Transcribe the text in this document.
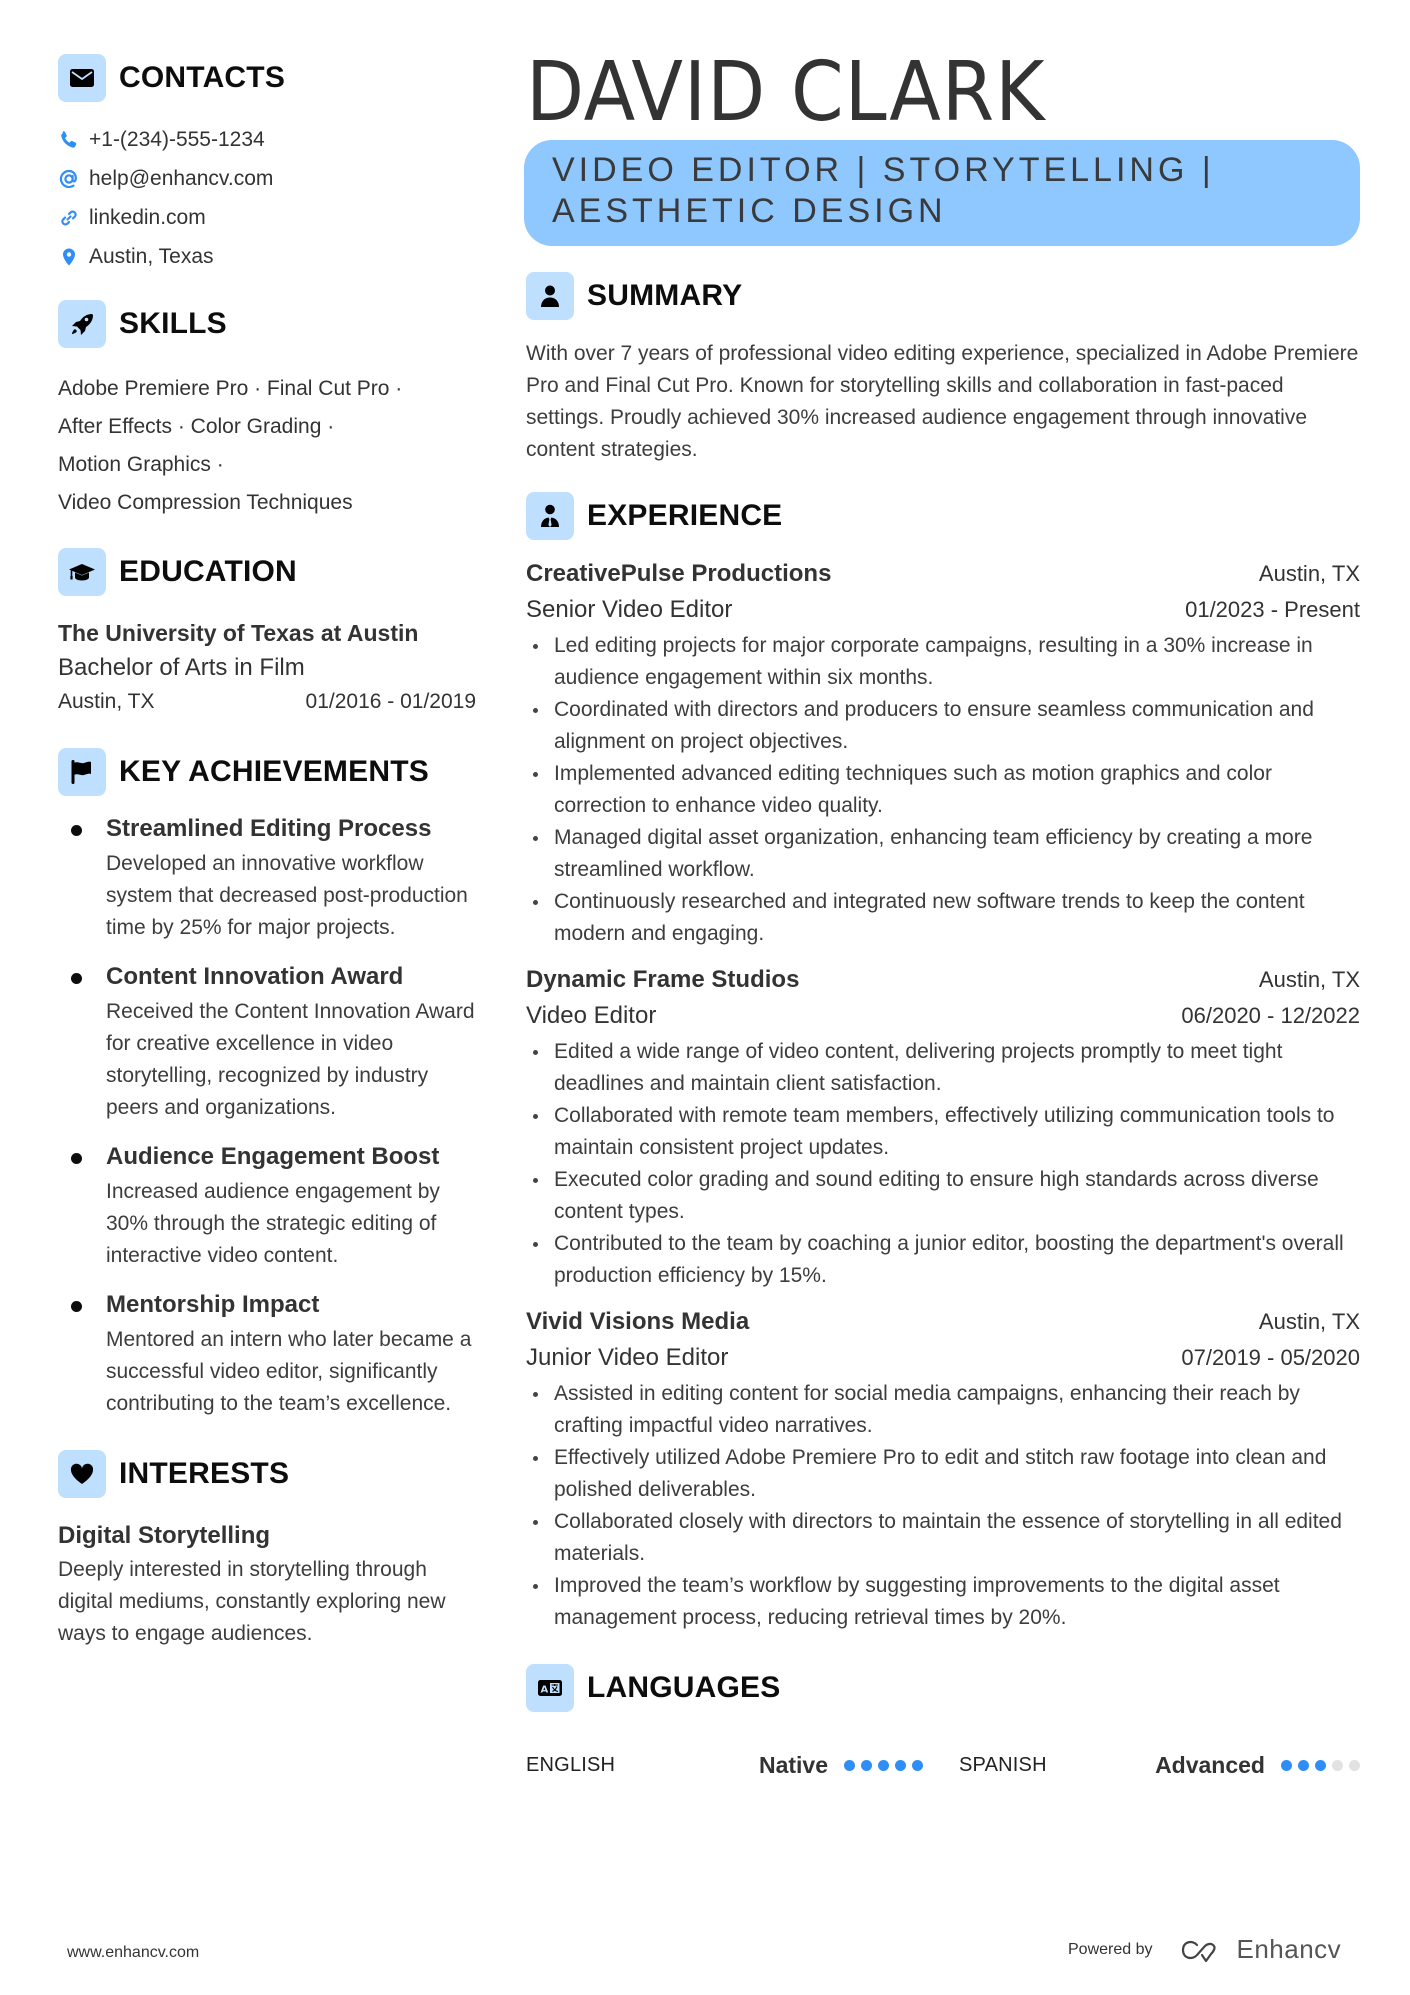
CONTACTS
+1-(234)-555-1234
help@enhancv.com
linkedin.com
Austin, Texas
SKILLS
Adobe Premiere Pro · Final Cut Pro ·
After Effects · Color Grading ·
Motion Graphics ·
Video Compression Techniques
EDUCATION
The University of Texas at Austin
Bachelor of Arts in Film
Austin, TX	01/2016 - 01/2019
KEY ACHIEVEMENTS
Streamlined Editing Process
Developed an innovative workflow system that decreased post-production time by 25% for major projects.
Content Innovation Award
Received the Content Innovation Award for creative excellence in video storytelling, recognized by industry peers and organizations.
Audience Engagement Boost
Increased audience engagement by 30% through the strategic editing of interactive video content.
Mentorship Impact
Mentored an intern who later became a successful video editor, significantly contributing to the team’s excellence.
INTERESTS
Digital Storytelling
Deeply interested in storytelling through digital mediums, constantly exploring new ways to engage audiences.
DAVID CLARK
VIDEO EDITOR | STORYTELLING | AESTHETIC DESIGN
SUMMARY
With over 7 years of professional video editing experience, specialized in Adobe Premiere Pro and Final Cut Pro. Known for storytelling skills and collaboration in fast-paced settings. Proudly achieved 30% increased audience engagement through innovative content strategies.
EXPERIENCE
CreativePulse Productions	Austin, TX
Senior Video Editor	01/2023 - Present
Led editing projects for major corporate campaigns, resulting in a 30% increase in audience engagement within six months.
Coordinated with directors and producers to ensure seamless communication and alignment on project objectives.
Implemented advanced editing techniques such as motion graphics and color correction to enhance video quality.
Managed digital asset organization, enhancing team efficiency by creating a more streamlined workflow.
Continuously researched and integrated new software trends to keep the content modern and engaging.
Dynamic Frame Studios	Austin, TX
Video Editor	06/2020 - 12/2022
Edited a wide range of video content, delivering projects promptly to meet tight deadlines and maintain client satisfaction.
Collaborated with remote team members, effectively utilizing communication tools to maintain consistent project updates.
Executed color grading and sound editing to ensure high standards across diverse content types.
Contributed to the team by coaching a junior editor, boosting the department's overall production efficiency by 15%.
Vivid Visions Media	Austin, TX
Junior Video Editor	07/2019 - 05/2020
Assisted in editing content for social media campaigns, enhancing their reach by crafting impactful video narratives.
Effectively utilized Adobe Premiere Pro to edit and stitch raw footage into clean and polished deliverables.
Collaborated closely with directors to maintain the essence of storytelling in all edited materials.
Improved the team’s workflow by suggesting improvements to the digital asset management process, reducing retrieval times by 20%.
A LANGUAGES
ENGLISH	Native	SPANISH	Advanced
www.enhancv.com	Powered by	Enhancv
